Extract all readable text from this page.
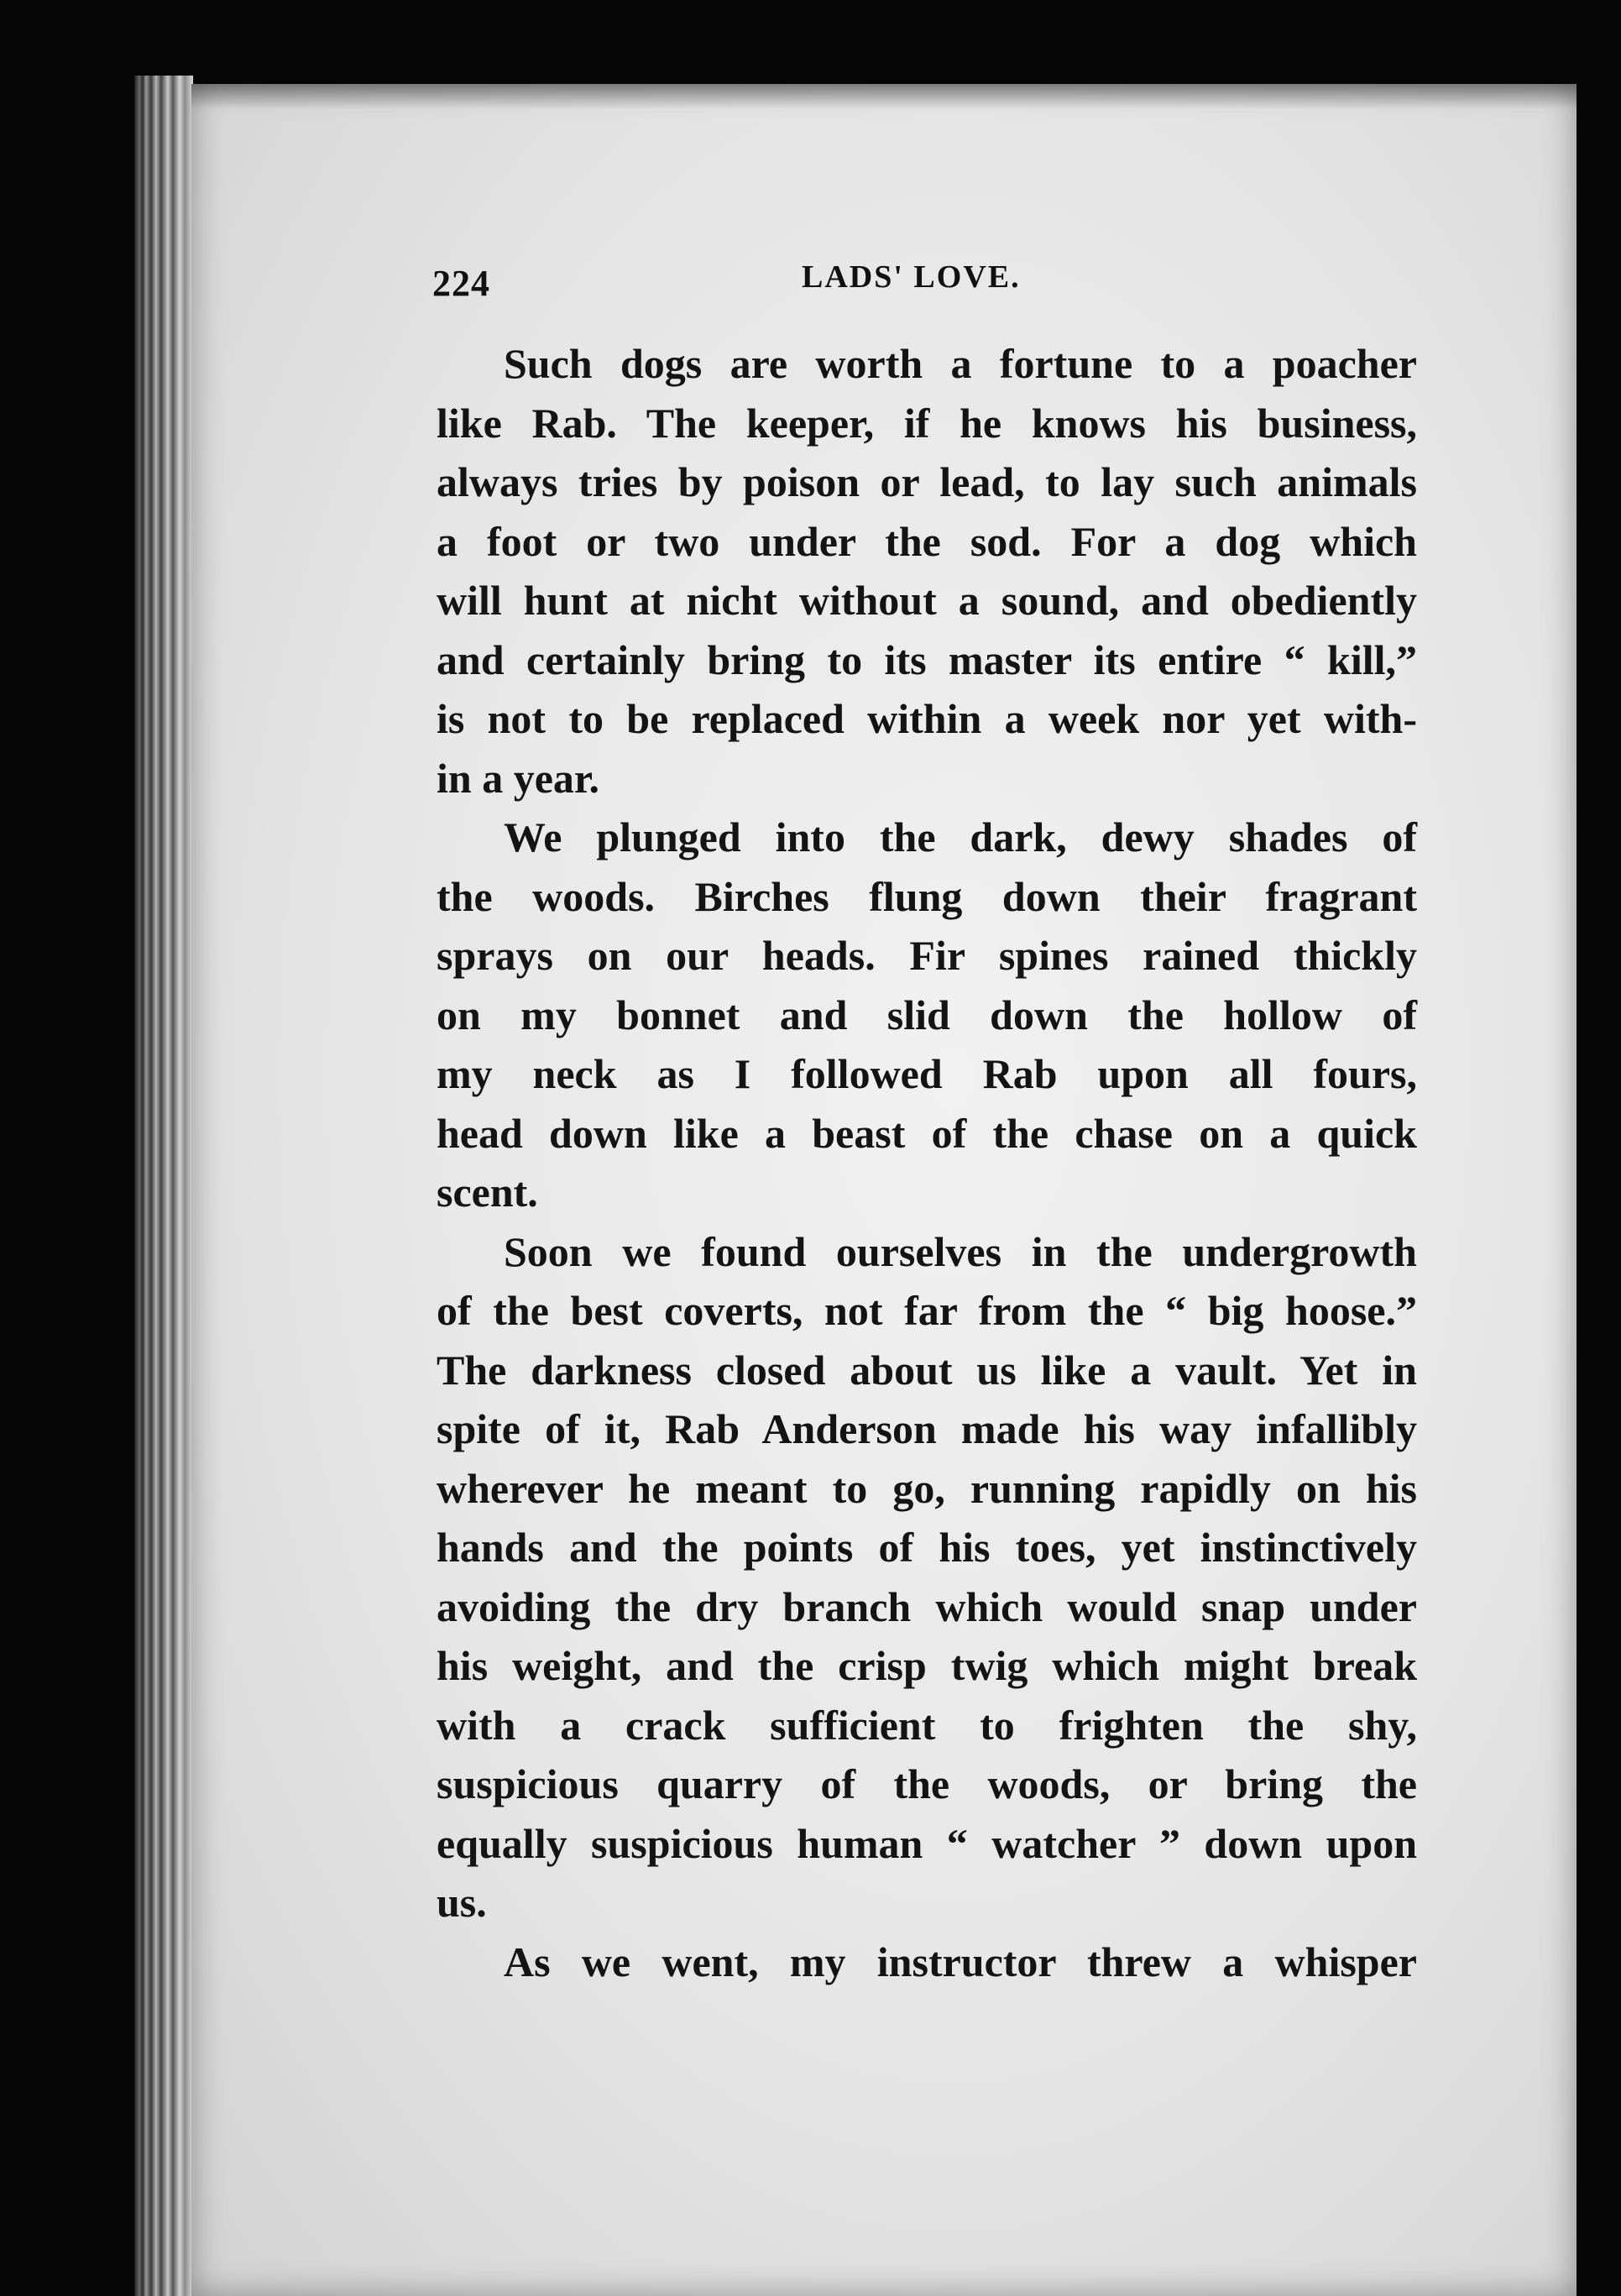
224	LADS' LOVE.
Such dogs are worth a fortune to a poacher
like Rab. The keeper, if he knows his business,
always tries by poison or lead, to lay such animals
a foot or two under the sod. For a dog which
will hunt at nicht without a sound, and obediently
and certainly bring to its master its entire “ kill,”
is not to be replaced within a week nor yet with-
in a year.
We plunged into the dark, dewy shades of
the woods. Birches flung down their fragrant
sprays on our heads. Fir spines rained thickly
on my bonnet and slid down the hollow of
my neck as I followed Rab upon all fours,
head down like a beast of the chase on a quick
scent.
Soon we found ourselves in the undergrowth
of the best coverts, not far from the “ big hoose.”
The darkness closed about us like a vault. Yet in
spite of it, Rab Anderson made his way infallibly
wherever he meant to go, running rapidly on his
hands and the points of his toes, yet instinctively
avoiding the dry branch which would snap under
his weight, and the crisp twig which might break
with a crack sufficient to frighten the shy,
suspicious quarry of the woods, or bring the
equally suspicious human “ watcher ” down upon
us.
As we went, my instructor threw a whisper
